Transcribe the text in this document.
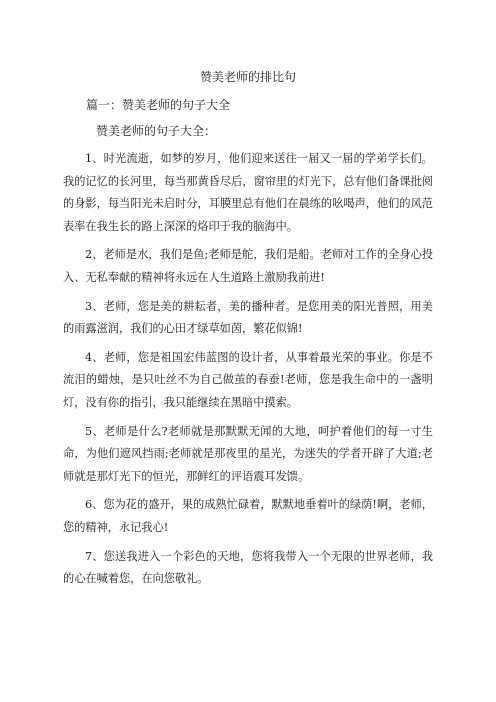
赞美老师的排比句
篇一：赞美老师的句子大全
赞美老师的句子大全：

1、时光流逝，如梦的岁月，他们迎来送往一届又一届的学弟学长们。我的记忆的长河里，每当那黄昏尽后，窗帘里的灯光下，总有他们备课批阅的身影，每当阳光未启时分，耳膜里总有他们在晨练的吆喝声，他们的风范表率在我生长的路上深深的烙印于我的脑海中。

2、老师是水，我们是鱼;老师是舵，我们是船。老师对工作的全身心投入、无私奉献的精神将永远在人生道路上激励我前进!

3、老师，您是美的耕耘者，美的播种者。是您用美的阳光普照，用美的雨露滋润，我们的心田才绿草如茵，繁花似锦!

4、老师，您是祖国宏伟蓝图的设计者，从事着最光荣的事业。你是不流泪的蜡烛，是只吐丝不为自己做茧的春蚕!老师，您是我生命中的一盏明灯，没有你的指引，我只能继续在黑暗中摸索。

5、老师是什么?老师就是那默默无闻的大地，呵护着他们的每一寸生命，为他们遮风挡雨;老师就是那夜里的星光，为迷失的学者开辟了大道;老师就是那灯光下的恒光，那鲜红的评语震耳发馈。

6、您为花的盛开，果的成熟忙碌着，默默地垂着叶的绿荫!啊，老师，您的精神，永记我心!

7、您送我进入一个彩色的天地，您将我带入一个无限的世界老师，我的心在喊着您，在向您敬礼。
